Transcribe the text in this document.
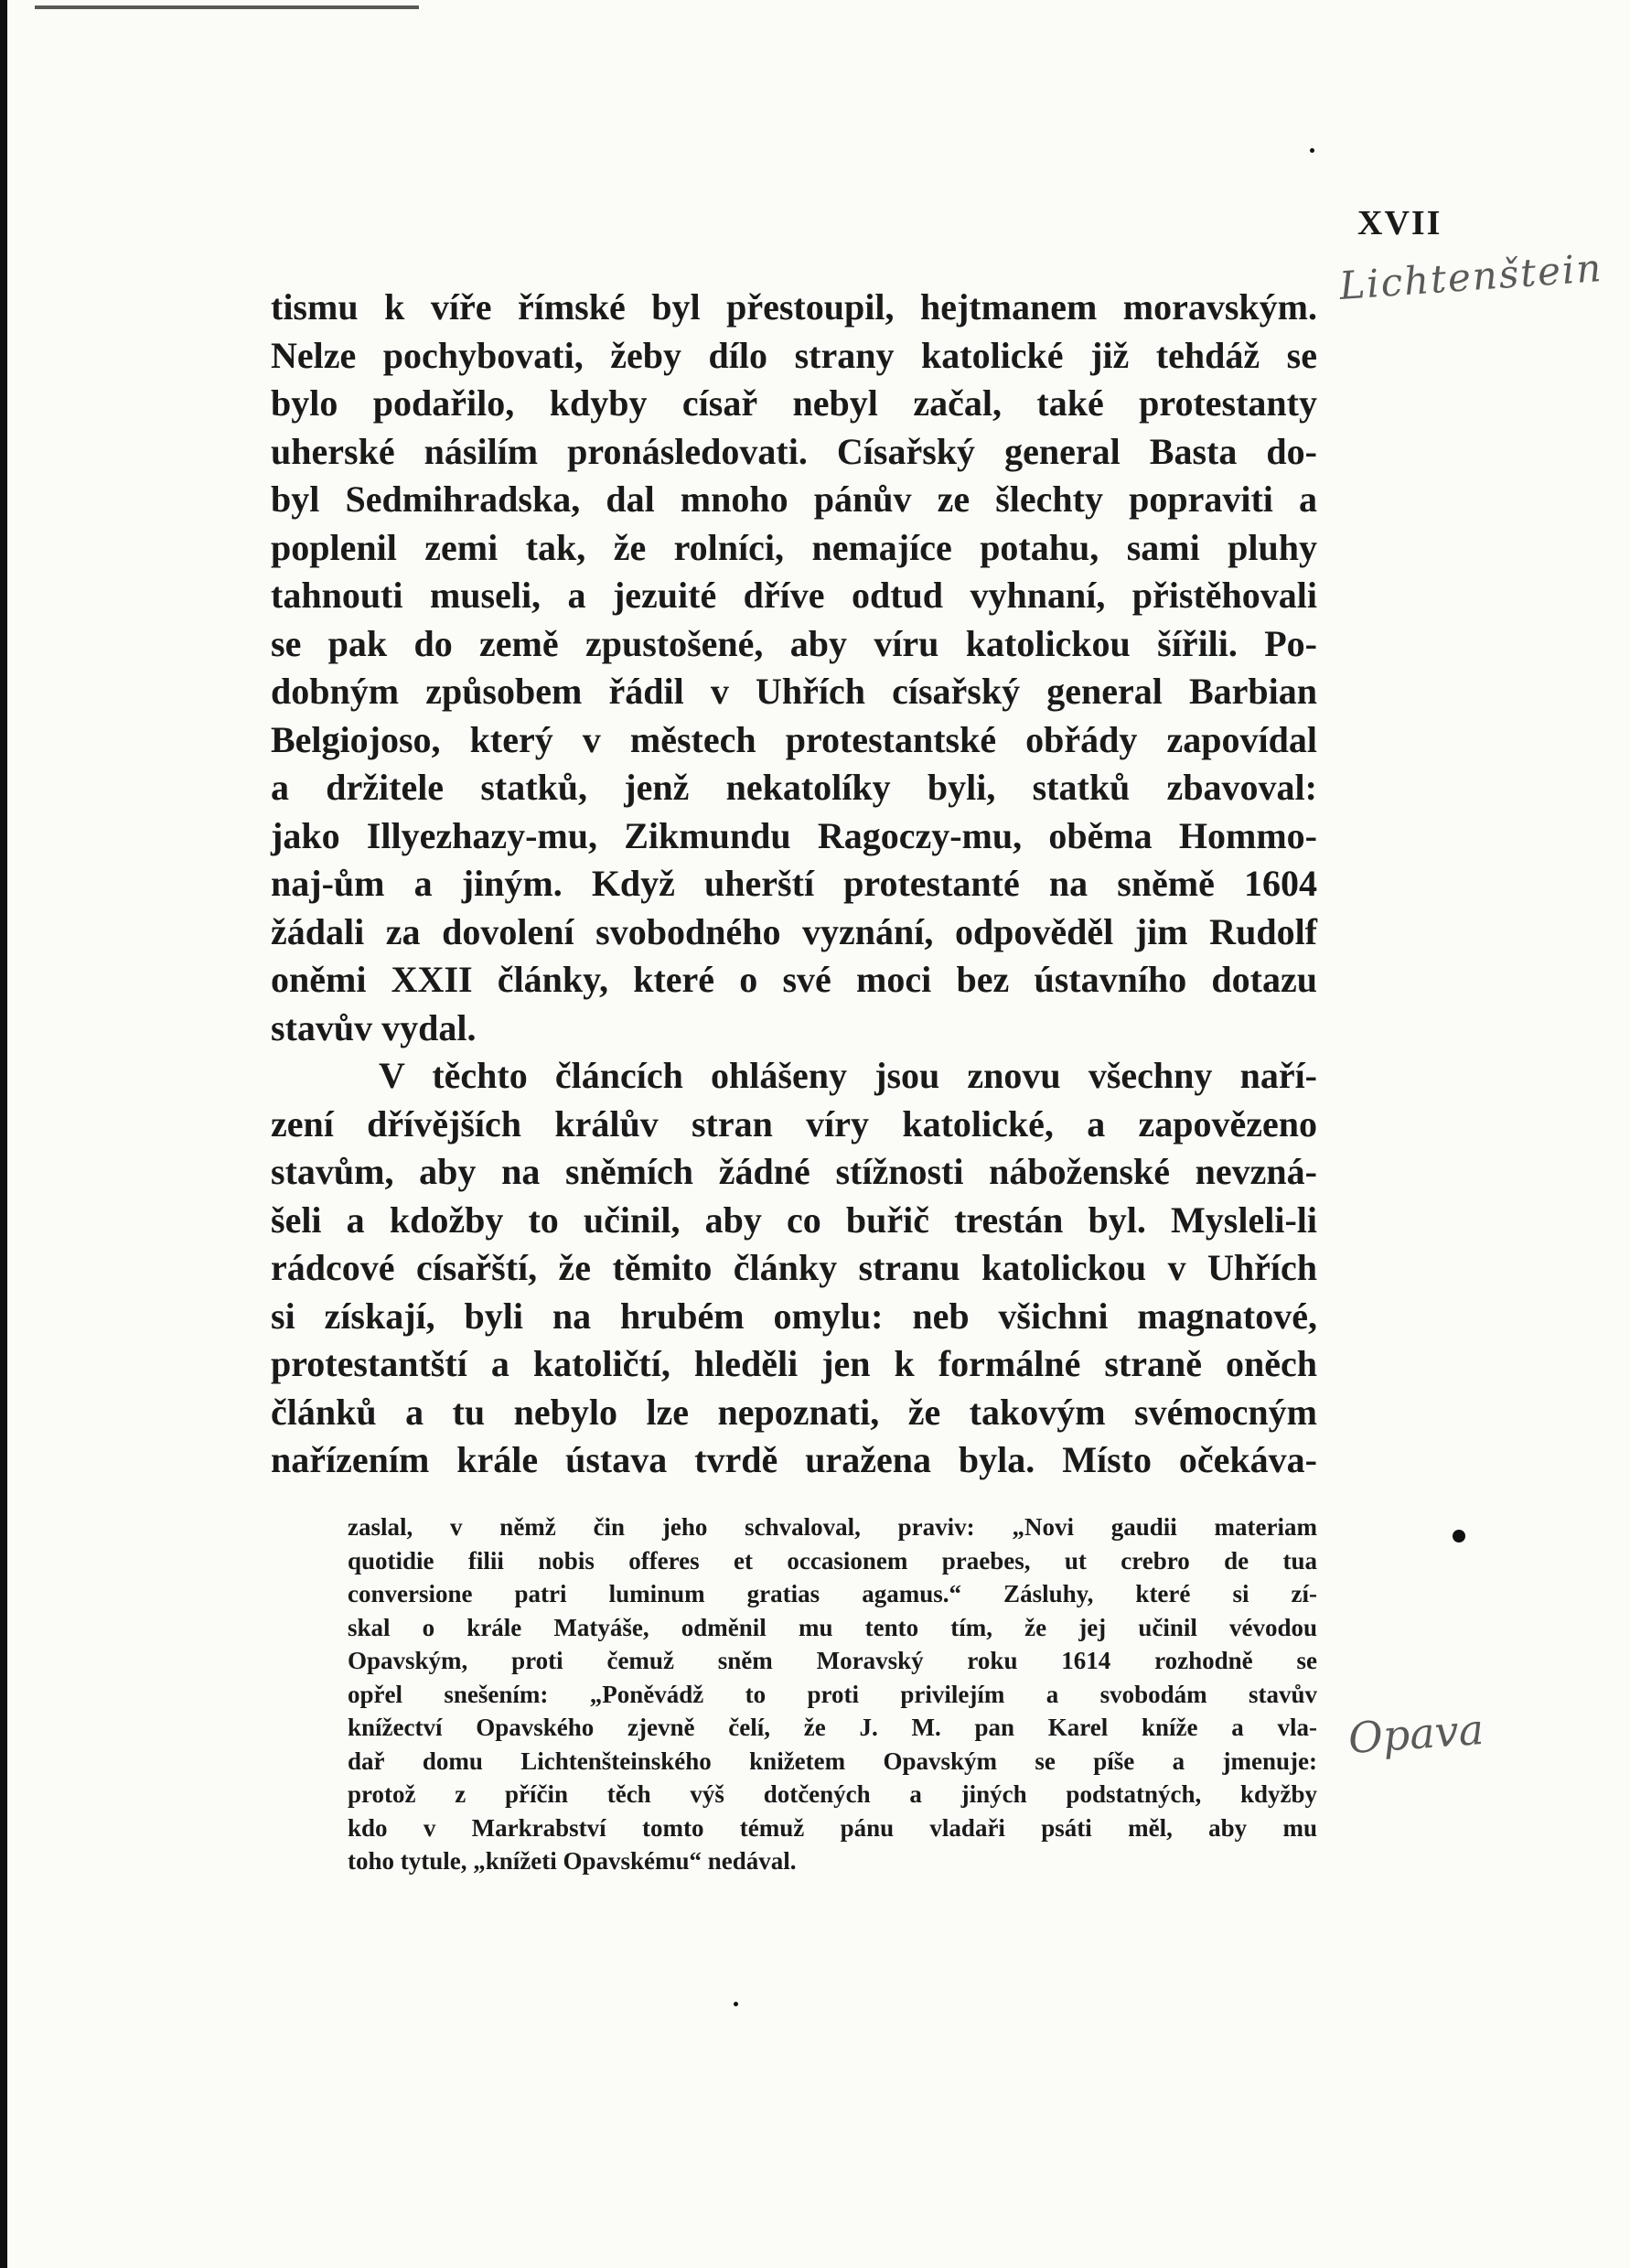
XVII
Lichtenštein
Opava
tismu k víře římské byl přestoupil, hejtmanem moravským.
Nelze pochybovati, žeby dílo strany katolické již tehdáž se
bylo podařilo, kdyby císař nebyl začal, také protestanty
uherské násilím pronásledovati. Císařský general Basta do-
byl Sedmihradska, dal mnoho pánův ze šlechty popraviti a
poplenil zemi tak, že rolníci, nemajíce potahu, sami pluhy
tahnouti museli, a jezuité dříve odtud vyhnaní, přistěhovali
se pak do země zpustošené, aby víru katolickou šířili. Po-
dobným způsobem řádil v Uhřích císařský general Barbian
Belgiojoso, který v městech protestantské obřády zapovídal
a držitele statků, jenž nekatolíky byli, statků zbavoval:
jako Illyezhazy-mu, Zikmundu Ragoczy-mu, oběma Hommo-
naj-ům a jiným. Když uherští protestanté na sněmě 1604
žádali za dovolení svobodného vyznání, odpověděl jim Rudolf
oněmi XXII články, které o své moci bez ústavního dotazu
stavův vydal.
V těchto článcích ohlášeny jsou znovu všechny naří-
zení dřívějších králův stran víry katolické, a zapovězeno
stavům, aby na sněmích žádné stížnosti náboženské nevzná-
šeli a kdožby to učinil, aby co buřič trestán byl. Mysleli-li
rádcové císařští, že těmito články stranu katolickou v Uhřích
si získají, byli na hrubém omylu: neb všichni magnatové,
protestantští a katoličtí, hleděli jen k formálné straně oněch
článků a tu nebylo lze nepoznati, že takovým svémocným
nařízením krále ústava tvrdě uražena byla. Místo očekáva-
zaslal, v němž čin jeho schvaloval, praviv: „Novi gaudii materiam
quotidie filii nobis offeres et occasionem praebes, ut crebro de tua
conversione patri luminum gratias agamus.“ Zásluhy, které si zí-
skal o krále Matyáše, odměnil mu tento tím, že jej učinil vévodou
Opavským, proti čemuž sněm Moravský roku 1614 rozhodně se
opřel snešením: „Poněvádž to proti privilejím a svobodám stavův
knížectví Opavského zjevně čelí, že J. M. pan Karel kníže a vla-
dař domu Lichtenšteinského knižetem Opavským se píše a jmenuje:
protož z příčin těch výš dotčených a jiných podstatných, kdyžby
kdo v Markrabství tomto témuž pánu vladaři psáti měl, aby mu
toho tytule, „knížeti Opavskému“ nedával.
